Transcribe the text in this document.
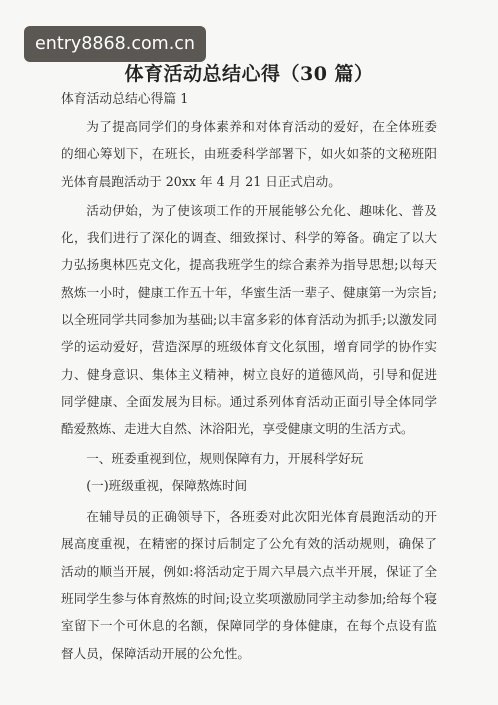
entry8868.com.cn
体育活动总结心得（30 篇）
体育活动总结心得篇 1

为了提高同学们的身体素养和对体育活动的爱好，在全体班委的细心筹划下，在班长，由班委科学部署下，如火如荼的文秘班阳光体育晨跑活动于 20xx 年 4 月 21 日正式启动。

活动伊始，为了使该项工作的开展能够公允化、趣味化、普及化，我们进行了深化的调查、细致探讨、科学的筹备。确定了以大力弘扬奥林匹克文化，提高我班学生的综合素养为指导思想;以每天熬炼一小时，健康工作五十年，华蜜生活一辈子、健康第一为宗旨;以全班同学共同参加为基础;以丰富多彩的体育活动为抓手;以激发同学的运动爱好，营造深厚的班级体育文化氛围，增育同学的协作实力、健身意识、集体主义精神，树立良好的道德风尚，引导和促进同学健康、全面发展为目标。通过系列体育活动正面引导全体同学酷爱熬炼、走进大自然、沐浴阳光，享受健康文明的生活方式。

一、班委重视到位，规则保障有力，开展科学好玩

(一)班级重视，保障熬炼时间

在辅导员的正确领导下，各班委对此次阳光体育晨跑活动的开展高度重视，在精密的探讨后制定了公允有效的活动规则，确保了活动的顺当开展，例如:将活动定于周六早晨六点半开展，保证了全班同学生参与体育熬炼的时间;设立奖项激励同学主动参加;给每个寝室留下一个可休息的名额，保障同学的身体健康，在每个点设有监督人员，保障活动开展的公允性。
